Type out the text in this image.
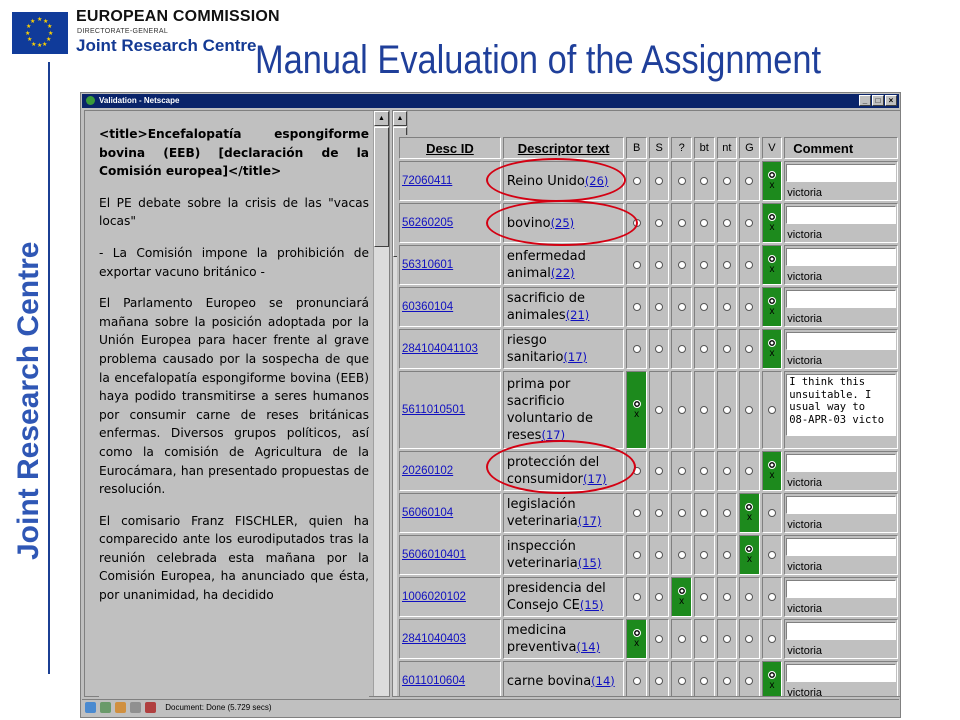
★ ★
★
★
★
★
★
★
★
★
★
★	EUROPEAN COMMISSION
DIRECTORATE-GENERAL
Joint Research Centre
Joint Research Centre
Manual Evaluation of the Assignment
Validation - Netscape	_ □ ×

<title>Encefalopatía espongiforme bovina (EEB) [declaración de la Comisión europea]</title>

El PE debate sobre la crisis de las "vacas locas"

- La Comisión impone la prohibición de exportar vacuno británico -

El Parlamento Europeo se pronunciará mañana sobre la posición adoptada por la Unión Europea para hacer frente al grave problema causado por la sospecha de que la encefalopatía espongiforme bovina (EEB) haya podido transmitirse a seres humanos por consumir carne de reses británicas enfermas. Diversos grupos políticos, así como la comisión de Agricultura de la Eurocámara, han presentado propuestas de resolución.

El comisario Franz FISCHLER, quien ha comparecido ante los eurodiputados tras la reunión celebrada esta mañana por la Comisión Europea, ha anunciado que ésta, por unanimidad, ha decidido

▲	▲
Desc ID	Descriptor text	B	S	?	bt	nt	G	V	Comment
72060411	Reino Unido(26)							x	victoria

56260205	bovino(25)							x	victoria

56310601	enfermedad animal(22)							x	victoria

60360104	sacrificio de animales(21)							x	victoria

284104041103	riesgo sanitario(17)							x	victoria

5611010501	prima por sacrificio voluntario de reses(17)	x							I think this
unsuitable. I
usual way to
08-APR-03 victo

20260102	protección del consumidor(17)							x	victoria

56060104	legislación veterinaria(17)						x		victoria

5606010401	inspección veterinaria(15)						x		victoria

1006020102	presidencia del Consejo CE(15)			x					victoria

2841040403	medicina preventiva(14)	x							victoria

6011010604	carne bovina(14)							x	victoria
Document: Done (5.729 secs)
